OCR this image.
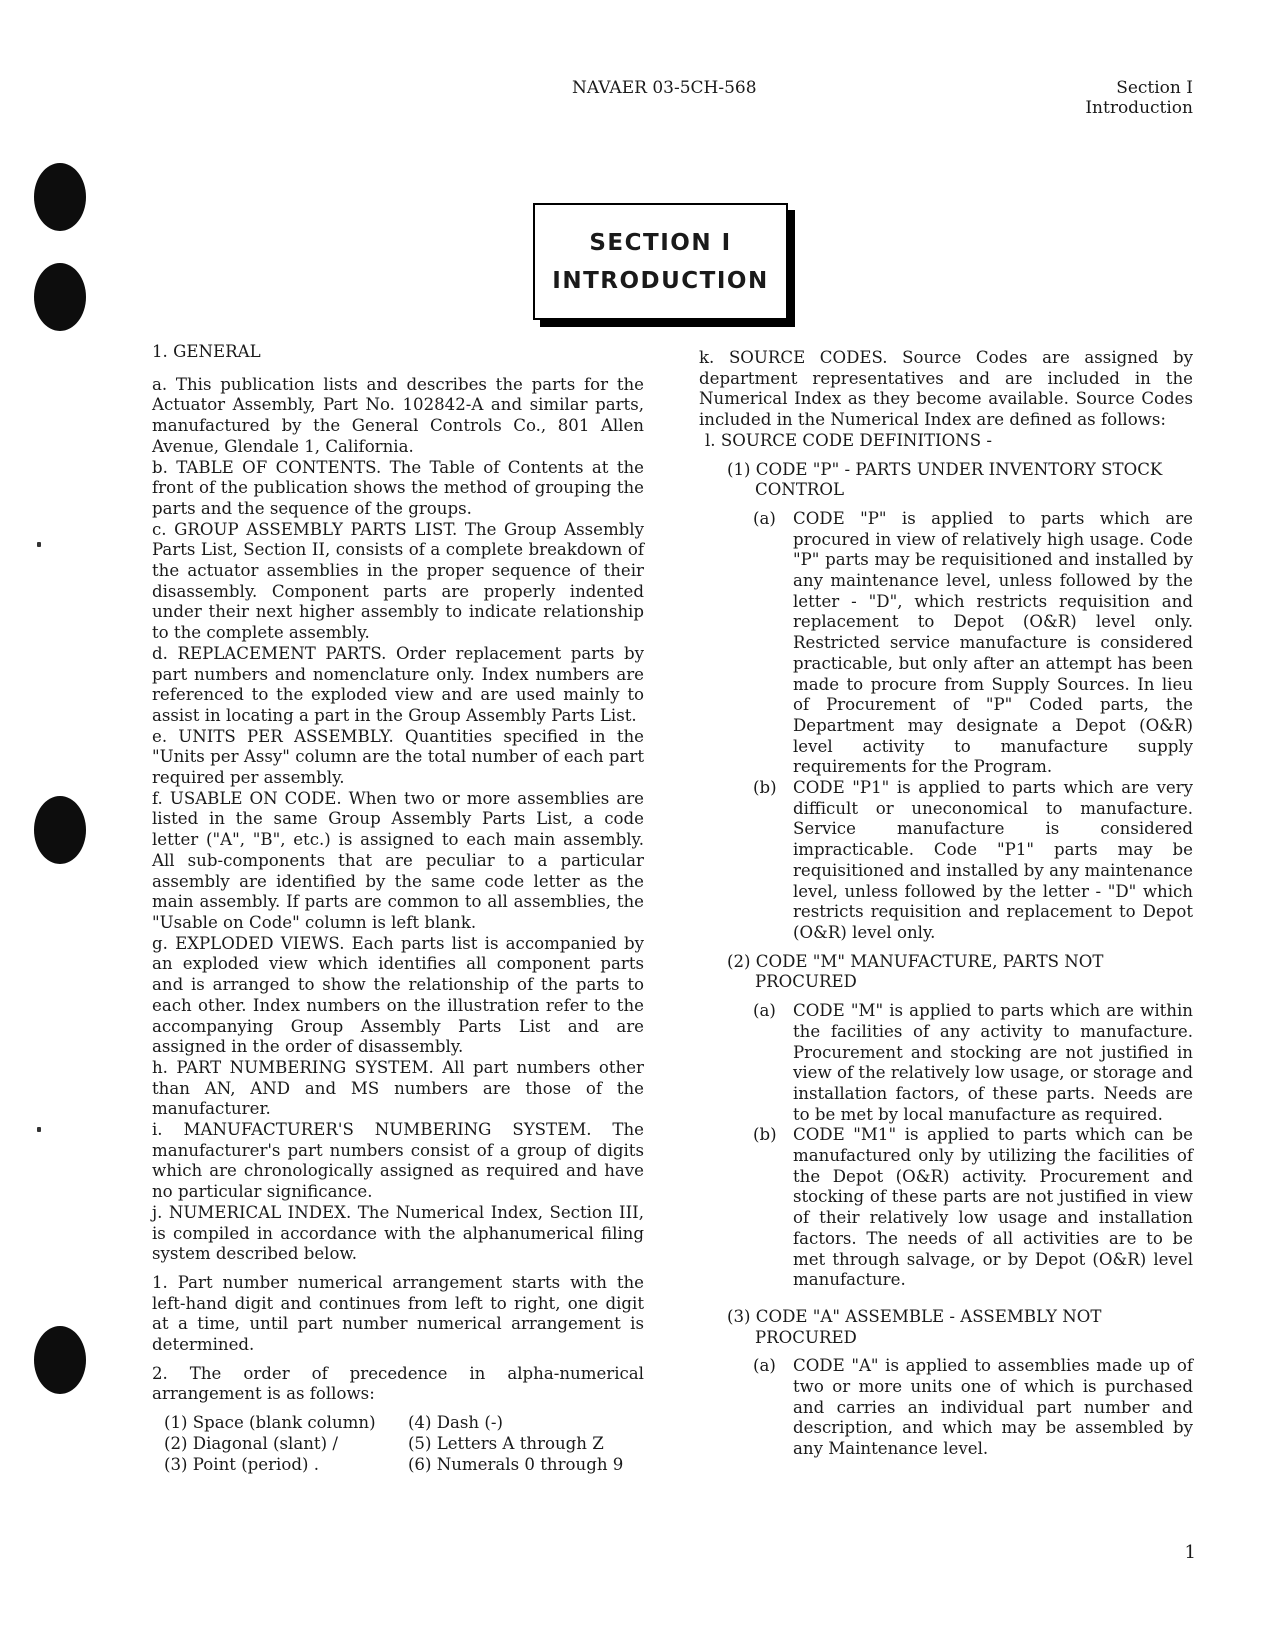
NAVAER 03-5CH-568	Section I
Introduction
SECTION I
INTRODUCTION

1. GENERAL

a. This publication lists and describes the parts for the Actuator Assembly, Part No. 102842-A and similar parts, manufactured by the General Controls Co., 801 Allen Avenue, Glendale 1, California.

b. TABLE OF CONTENTS. The Table of Contents at the front of the publication shows the method of grouping the parts and the sequence of the groups.

c. GROUP ASSEMBLY PARTS LIST. The Group Assembly Parts List, Section II, consists of a complete breakdown of the actuator assemblies in the proper sequence of their disassembly. Component parts are properly indented under their next higher assembly to indicate relationship to the complete assembly.

d. REPLACEMENT PARTS. Order replacement parts by part numbers and nomenclature only. Index numbers are referenced to the exploded view and are used mainly to assist in locating a part in the Group Assembly Parts List.

e. UNITS PER ASSEMBLY. Quantities specified in the "Units per Assy" column are the total number of each part required per assembly.

f. USABLE ON CODE. When two or more assemblies are listed in the same Group Assembly Parts List, a code letter ("A", "B", etc.) is assigned to each main assembly. All sub-components that are peculiar to a particular assembly are identified by the same code letter as the main assembly. If parts are common to all assemblies, the "Usable on Code" column is left blank.

g. EXPLODED VIEWS. Each parts list is accompanied by an exploded view which identifies all component parts and is arranged to show the relationship of the parts to each other. Index numbers on the illustration refer to the accompanying Group Assembly Parts List and are assigned in the order of disassembly.

h. PART NUMBERING SYSTEM. All part numbers other than AN, AND and MS numbers are those of the manufacturer.

i. MANUFACTURER'S NUMBERING SYSTEM. The manufacturer's part numbers consist of a group of digits which are chronologically assigned as required and have no particular significance.

j. NUMERICAL INDEX. The Numerical Index, Section III, is compiled in accordance with the alphanumerical filing system described below.

1. Part number numerical arrangement starts with the left-hand digit and continues from left to right, one digit at a time, until part number numerical arrangement is determined.

2. The order of precedence in alpha-numerical arrangement is as follows:

(1) Space (blank column)	(4) Dash (-)
(2) Diagonal (slant) /	(5) Letters A through Z
(3) Point (period) .	(6) Numerals 0 through 9

k. SOURCE CODES. Source Codes are assigned by department representatives and are included in the Numerical Index as they become available. Source Codes included in the Numerical Index are defined as follows:

l. SOURCE CODE DEFINITIONS -

(1) CODE "P" - PARTS UNDER INVENTORY STOCK CONTROL

(a) CODE "P" is applied to parts which are procured in view of relatively high usage. Code "P" parts may be requisitioned and installed by any maintenance level, unless followed by the letter - "D", which restricts requisition and replacement to Depot (O&R) level only. Restricted service manufacture is considered practicable, but only after an attempt has been made to procure from Supply Sources. In lieu of Procurement of "P" Coded parts, the Department may designate a Depot (O&R) level activity to manufacture supply requirements for the Program.

(b) CODE "P1" is applied to parts which are very difficult or uneconomical to manufacture. Service manufacture is considered impracticable. Code "P1" parts may be requisitioned and installed by any maintenance level, unless followed by the letter - "D" which restricts requisition and replacement to Depot (O&R) level only.

(2) CODE "M" MANUFACTURE, PARTS NOT PROCURED

(a) CODE "M" is applied to parts which are within the facilities of any activity to manufacture. Procurement and stocking are not justified in view of the relatively low usage, or storage and installation factors, of these parts. Needs are to be met by local manufacture as required.

(b) CODE "M1" is applied to parts which can be manufactured only by utilizing the facilities of the Depot (O&R) activity. Procurement and stocking of these parts are not justified in view of their relatively low usage and installation factors. The needs of all activities are to be met through salvage, or by Depot (O&R) level manufacture.

(3) CODE "A" ASSEMBLE - ASSEMBLY NOT PROCURED

(a) CODE "A" is applied to assemblies made up of two or more units one of which is purchased and carries an individual part number and description, and which may be assembled by any Maintenance level.

1
